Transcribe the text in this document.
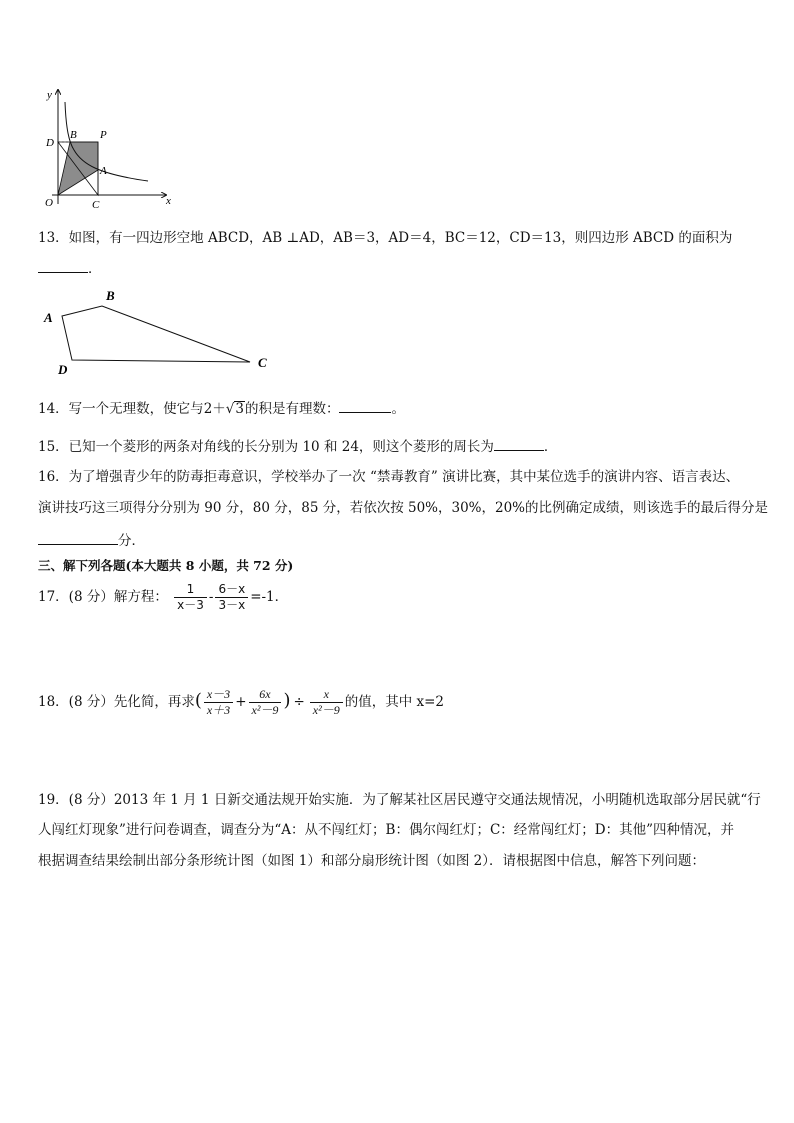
y
x
O
D
B P
A
C
13．如图，有一四边形空地 ABCD，AB ⊥AD，AB＝3，AD＝4，BC＝12，CD＝13，则四边形 ABCD 的面积为
．
A
B
C
D
14．写一个无理数，使它与2＋√3的积是有理数：	。
15．已知一个菱形的两条对角线的长分别为 10 和 24，则这个菱形的周长为	．
16．为了增强青少年的防毒拒毒意识，学校举办了一次 “禁毒教育” 演讲比赛，其中某位选手的演讲内容、语言表达、
演讲技巧这三项得分分别为 90 分，80 分，85 分，若依次按 50%，30%，20%的比例确定成绩，则该选手的最后得分是
分．
三、解下列各题(本大题共 8 小题，共 72 分)
17．(8 分）解方程： $\frac{1}{x-3} - \frac{6-x}{3-x} =-1$．
18．(8 分）先化简，再求( $\frac{x-3}{x+3} + \frac{6x}{\text{x²－9}}$ ) ÷ $\frac{x}{\text{x²－9}}$ 的值，其中 x=2
19．(8 分）2013 年 1 月 1 日新交通法规开始实施．为了解某社区居民遵守交通法规情况，小明随机选取部分居民就“行
人闯红灯现象”进行问卷调查，调查分为“A：从不闯红灯；B：偶尔闯红灯；C：经常闯红灯；D：其他”四种情况，并
根据调查结果绘制出部分条形统计图（如图 1）和部分扇形统计图（如图 2）．请根据图中信息，解答下列问题：
